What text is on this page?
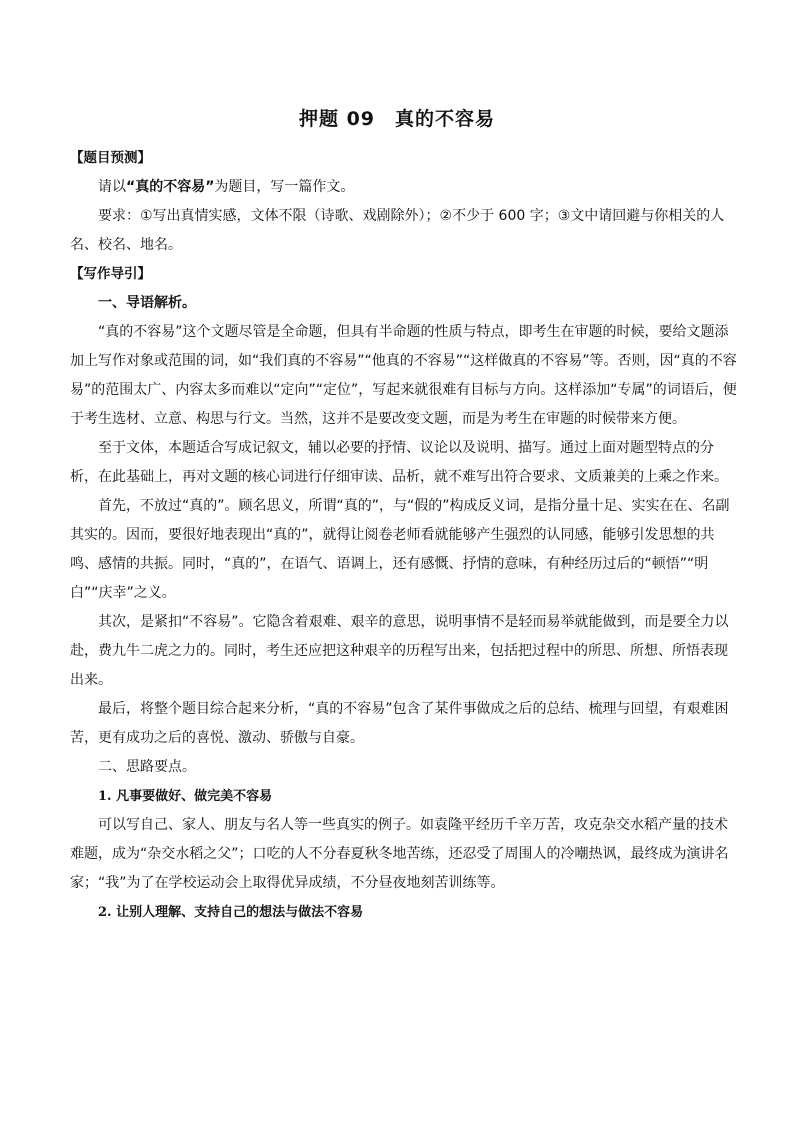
押题 09　真的不容易

【题目预测】

请以“真的不容易”为题目，写一篇作文。

要求：①写出真情实感，文体不限（诗歌、戏剧除外）；②不少于 600 字；③文中请回避与你相关的人名、校名、地名。

【写作导引】

一、导语解析。

“真的不容易”这个文题尽管是全命题，但具有半命题的性质与特点，即考生在审题的时候，要给文题添加上写作对象或范围的词，如“我们真的不容易”“他真的不容易”“这样做真的不容易”等。否则，因“真的不容易”的范围太广、内容太多而难以“定向”“定位”，写起来就很难有目标与方向。这样添加“专属”的词语后，便于考生选材、立意、构思与行文。当然，这并不是要改变文题，而是为考生在审题的时候带来方便。

至于文体，本题适合写成记叙文，辅以必要的抒情、议论以及说明、描写。通过上面对题型特点的分析，在此基础上，再对文题的核心词进行仔细审读、品析，就不难写出符合要求、文质兼美的上乘之作来。

首先，不放过“真的”。顾名思义，所谓“真的”，与“假的”构成反义词，是指分量十足、实实在在、名副其实的。因而，要很好地表现出“真的”，就得让阅卷老师看就能够产生强烈的认同感，能够引发思想的共鸣、感情的共振。同时，“真的”，在语气、语调上，还有感慨、抒情的意味，有种经历过后的“顿悟”“明白”“庆幸”之义。

其次，是紧扣“不容易”。它隐含着艰难、艰辛的意思，说明事情不是轻而易举就能做到，而是要全力以赴，费九牛二虎之力的。同时，考生还应把这种艰辛的历程写出来，包括把过程中的所思、所想、所悟表现出来。

最后，将整个题目综合起来分析，“真的不容易”包含了某件事做成之后的总结、梳理与回望，有艰难困苦，更有成功之后的喜悦、激动、骄傲与自豪。

二、思路要点。

1. 凡事要做好、做完美不容易

可以写自己、家人、朋友与名人等一些真实的例子。如袁隆平经历千辛万苦，攻克杂交水稻产量的技术难题，成为“杂交水稻之父”；口吃的人不分春夏秋冬地苦练，还忍受了周围人的冷嘲热讽，最终成为演讲名家；“我”为了在学校运动会上取得优异成绩，不分昼夜地刻苦训练等。

2. 让别人理解、支持自己的想法与做法不容易
